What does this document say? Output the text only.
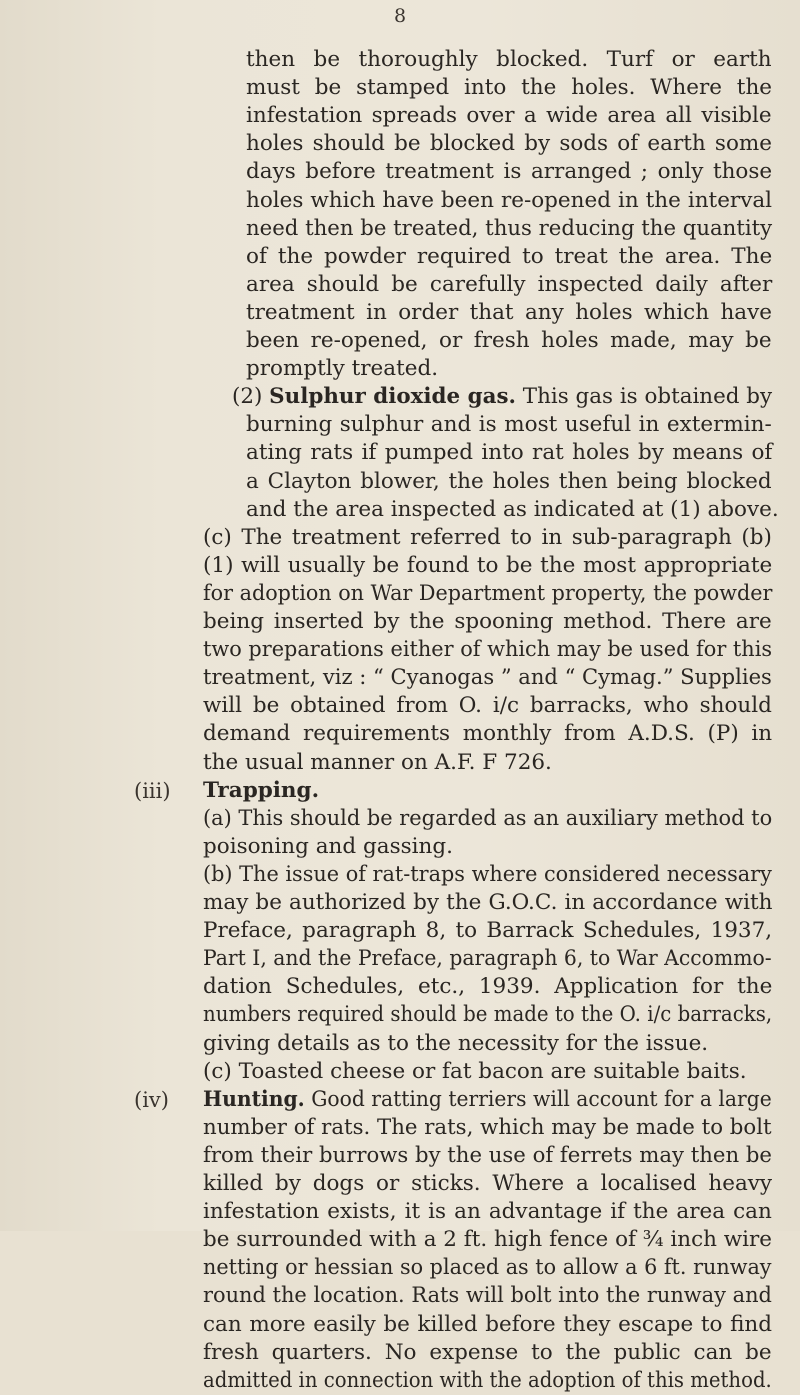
8
then be thoroughly blocked. Turf or earth
must be stamped into the holes. Where the
infestation spreads over a wide area all visible
holes should be blocked by sods of earth some
days before treatment is arranged ; only those
holes which have been re-opened in the interval
need then be treated, thus reducing the quantity
of the powder required to treat the area. The
area should be carefully inspected daily after
treatment in order that any holes which have
been re-opened, or fresh holes made, may be
promptly treated.
(2) Sulphur dioxide gas. This gas is obtained by
burning sulphur and is most useful in extermin-
ating rats if pumped into rat holes by means of
a Clayton blower, the holes then being blocked
and the area inspected as indicated at (1) above.
(c) The treatment referred to in sub-paragraph (b)
(1) will usually be found to be the most appropriate
for adoption on War Department property, the powder
being inserted by the spooning method. There are
two preparations either of which may be used for this
treatment, viz : “ Cyanogas ” and “ Cymag.” Supplies
will be obtained from O. i/c barracks, who should
demand requirements monthly from A.D.S. (P) in
the usual manner on A.F. F 726.
(iii) Trapping.
(a) This should be regarded as an auxiliary method to
poisoning and gassing.
(b) The issue of rat-traps where considered necessary
may be authorized by the G.O.C. in accordance with
Preface, paragraph 8, to Barrack Schedules, 1937,
Part I, and the Preface, paragraph 6, to War Accommo-
dation Schedules, etc., 1939. Application for the
numbers required should be made to the O. i/c barracks,
giving details as to the necessity for the issue.
(c) Toasted cheese or fat bacon are suitable baits.
(iv) Hunting. Good ratting terriers will account for a large
number of rats. The rats, which may be made to bolt
from their burrows by the use of ferrets may then be
killed by dogs or sticks. Where a localised heavy
infestation exists, it is an advantage if the area can
be surrounded with a 2 ft. high fence of ¾ inch wire
netting or hessian so placed as to allow a 6 ft. runway
round the location. Rats will bolt into the runway and
can more easily be killed before they escape to find
fresh quarters. No expense to the public can be
admitted in connection with the adoption of this method.
